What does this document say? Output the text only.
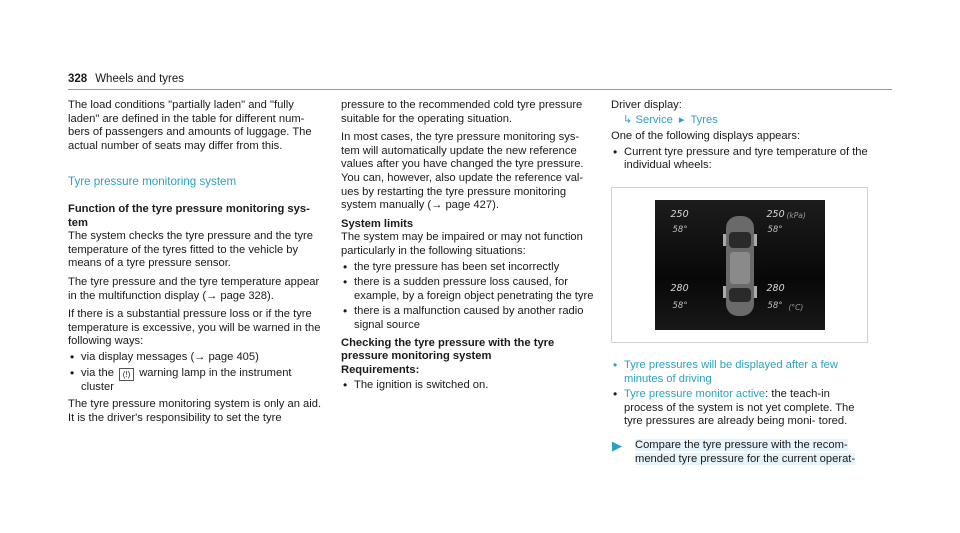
328 Wheels and tyres

The load conditions "partially laden" and "fully laden" are defined in the table for different num- bers of passengers and amounts of luggage. The actual number of seats may differ from this.

Tyre pressure monitoring system

Function of the tyre pressure monitoring sys- tem

The system checks the tyre pressure and the tyre temperature of the tyres fitted to the vehicle by means of a tyre pressure sensor.

The tyre pressure and the tyre temperature appear in the multifunction display (→ page 328).

If there is a substantial pressure loss or if the tyre temperature is excessive, you will be warned in the following ways:

• via display messages (→ page 405)
• via the (!) warning lamp in the instrument cluster

The tyre pressure monitoring system is only an aid. It is the driver's responsibility to set the tyre

pressure to the recommended cold tyre pressure suitable for the operating situation.

In most cases, the tyre pressure monitoring sys- tem will automatically update the new reference values after you have changed the tyre pressure. You can, however, also update the reference val- ues by restarting the tyre pressure monitoring system manually (→ page 427).

System limits

The system may be impaired or may not function particularly in the following situations:

• the tyre pressure has been set incorrectly
• there is a sudden pressure loss caused, for example, by a foreign object penetrating the tyre
• there is a malfunction caused by another radio signal source

Checking the tyre pressure with the tyre pressure monitoring system

Requirements:

• The ignition is switched on.

Driver display:

↳ Service ▸ Tyres

One of the following displays appears:

• Current tyre pressure and tyre temperature of the individual wheels:
250	250 (kPa)
58°	58°
280	280
58°	58° (°C)
• Tyre pressures will be displayed after a few minutes of driving
• Tyre pressure monitor active: the teach-in process of the system is not yet complete. The tyre pressures are already being moni- tored.
▶ Compare the tyre pressure with the recom- mended tyre pressure for the current operat-
